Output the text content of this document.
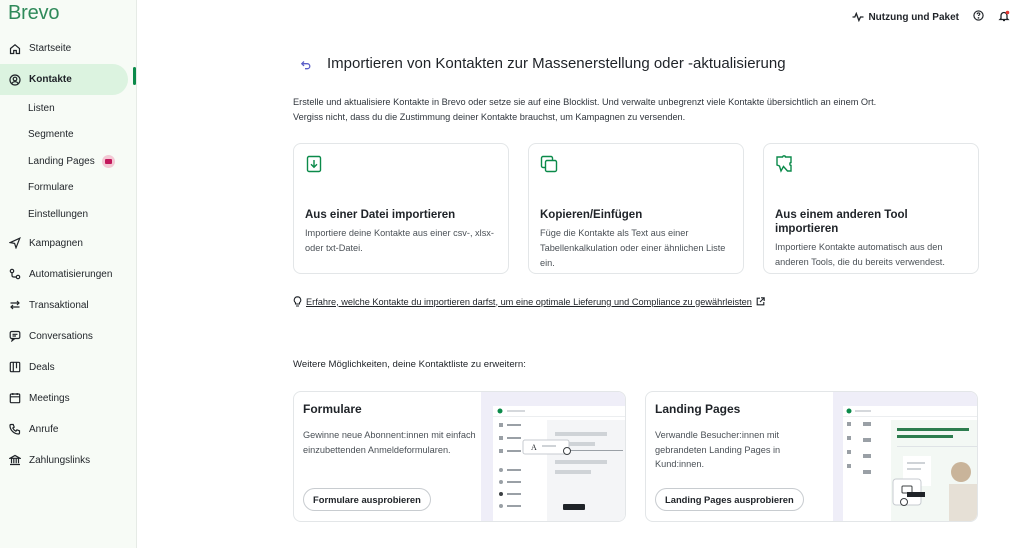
Brevo
Startseite
Kontakte
Listen
Segmente
Landing Pages
Formulare
Einstellungen
Kampagnen
Automatisierungen
Transaktional
Conversations
Deals
Meetings
Anrufe
Zahlungslinks
Nutzung und Paket
Importieren von Kontakten zur Massenerstellung oder -aktualisierung
Erstelle und aktualisiere Kontakte in Brevo oder setze sie auf eine Blocklist. Und verwalte unbegrenzt viele Kontakte übersichtlich an einem Ort.
Vergiss nicht, dass du die Zustimmung deiner Kontakte brauchst, um Kampagnen zu versenden.
Aus einer Datei importieren
Importiere deine Kontakte aus einer csv-, xlsx- oder txt-Datei.
Kopieren/Einfügen
Füge die Kontakte als Text aus einer Tabellenkalkulation oder einer ähnlichen Liste ein.
Aus einem anderen Tool importieren
Importiere Kontakte automatisch aus den anderen Tools, die du bereits verwendest.
Erfahre, welche Kontakte du importieren darfst, um eine optimale Lieferung und Compliance zu gewährleisten
Weitere Möglichkeiten, deine Kontaktliste zu erweitern:
Formulare
Gewinne neue Abonnent:innen mit einfach einzubettenden Anmeldeformularen.
Formulare ausprobieren
A
Landing Pages
Verwandle Besucher:innen mit gebrandeten Landing Pages in Kund:innen.
Landing Pages ausprobieren
